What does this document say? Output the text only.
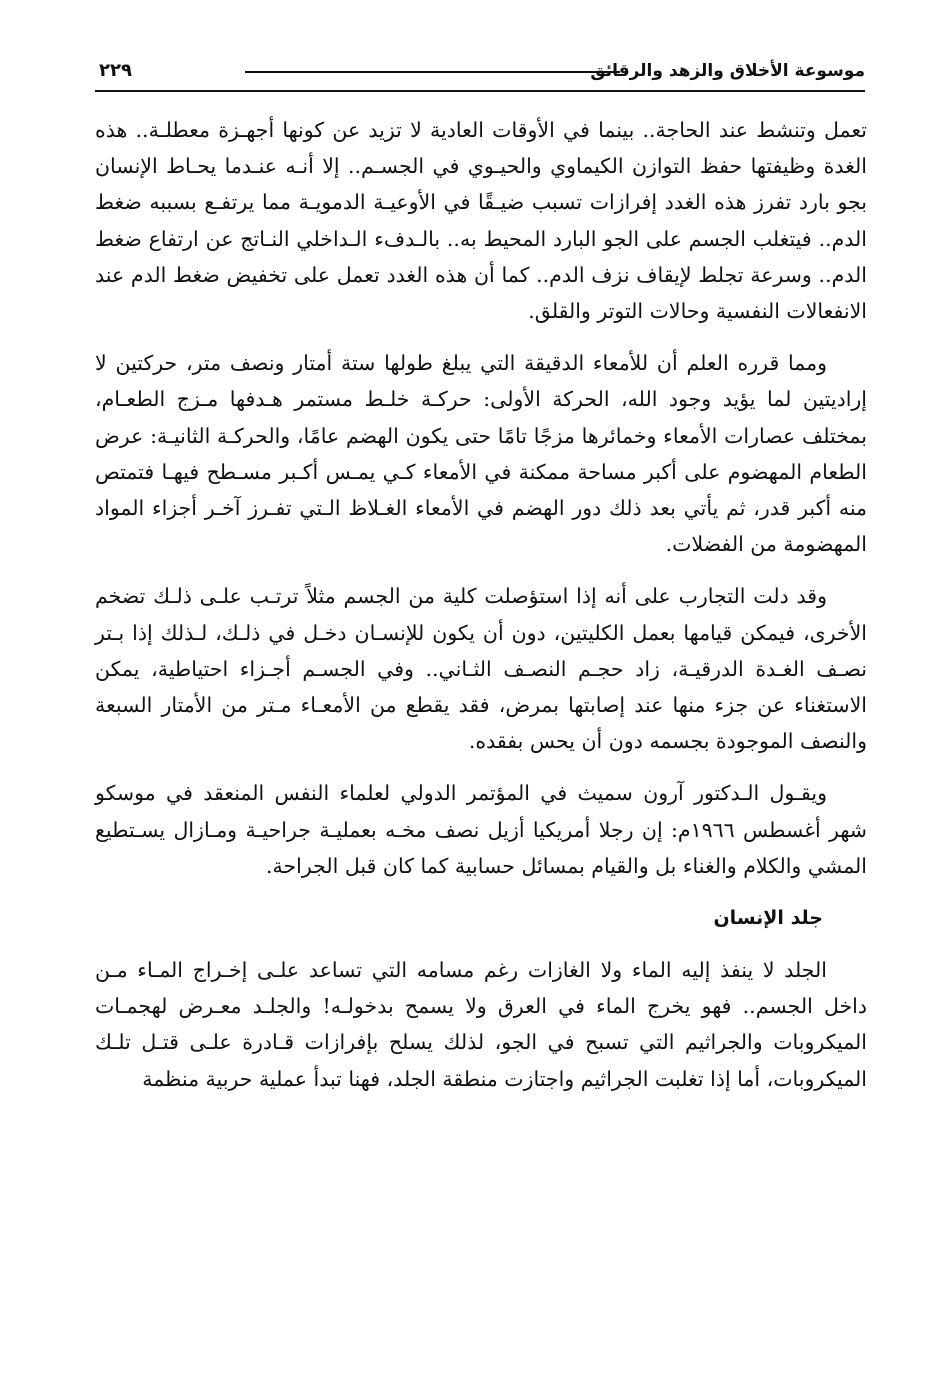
موسوعة الأخلاق والزهد والرقائق
٢٢٩

تعمل وتنشط عند الحاجة.. بينما في الأوقات العادية لا تزيد عن كونها أجهـزة معطلـة.. هذه الغدة وظيفتها حفظ التوازن الكيماوي والحيـوي في الجسـم.. إلا أنـه عنـدما يحـاط الإنسان بجو بارد تفرز هذه الغدد إفرازات تسبب ضيـقًا في الأوعيـة الدمويـة مما يرتفـع بسببه ضغط الدم.. فيتغلب الجسم على الجو البارد المحيط به.. بالـدفء الـداخلي النـاتج عن ارتفاع ضغط الدم.. وسرعة تجلط لإيقاف نزف الدم.. كما أن هذه الغدد تعمل على تخفيض ضغط الدم عند الانفعالات النفسية وحالات التوتر والقلق.

ومما قرره العلم أن للأمعاء الدقيقة التي يبلغ طولها ستة أمتار ونصف متر، حركتين لا إراديتين لما يؤيد وجود الله، الحركة الأولى: حركـة خلـط مستمر هـدفها مـزج الطعـام، بمختلف عصارات الأمعاء وخمائرها مزجًا تامًا حتى يكون الهضم عامًا، والحركـة الثانيـة: عرض الطعام المهضوم على أكبر مساحة ممكنة في الأمعاء كـي يمـس أكـبر مسـطح فيهـا فتمتص منه أكبر قدر، ثم يأتي بعد ذلك دور الهضم في الأمعاء الغـلاظ الـتي تفـرز آخـر أجزاء المواد المهضومة من الفضلات.

وقد دلت التجارب على أنه إذا استؤصلت كلية من الجسم مثلاً ترتـب علـى ذلـك تضخم الأخرى، فيمكن قيامها بعمل الكليتين، دون أن يكون للإنسـان دخـل في ذلـك، لـذلك إذا بـتر نصـف الغـدة الدرقيـة، زاد حجـم النصـف الثـاني.. وفي الجسـم أجـزاء احتياطية، يمكن الاستغناء عن جزء منها عند إصابتها بمرض، فقد يقطع من الأمعـاء مـتر من الأمتار السبعة والنصف الموجودة بجسمه دون أن يحس بفقده.

ويقـول الـدكتور آرون سميث في المؤتمر الدولي لعلماء النفس المنعقد في موسكو شهر أغسطس ١٩٦٦م: إن رجلا أمريكيا أزيل نصف مخـه بعمليـة جراحيـة ومـازال يسـتطيع المشي والكلام والغناء بل والقيام بمسائل حسابية كما كان قبل الجراحة.

جلد الإنسان

الجلد لا ينفذ إليه الماء ولا الغازات رغم مسامه التي تساعد علـى إخـراج المـاء مـن داخل الجسم.. فهو يخرج الماء في العرق ولا يسمح بدخولـه! والجلـد معـرض لهجمـات الميكروبات والجراثيم التي تسبح في الجو، لذلك يسلح بإفرازات قـادرة علـى قتـل تلـك الميكروبات، أما إذا تغلبت الجراثيم واجتازت منطقة الجلد، فهنا تبدأ عملية حربية منظمة
